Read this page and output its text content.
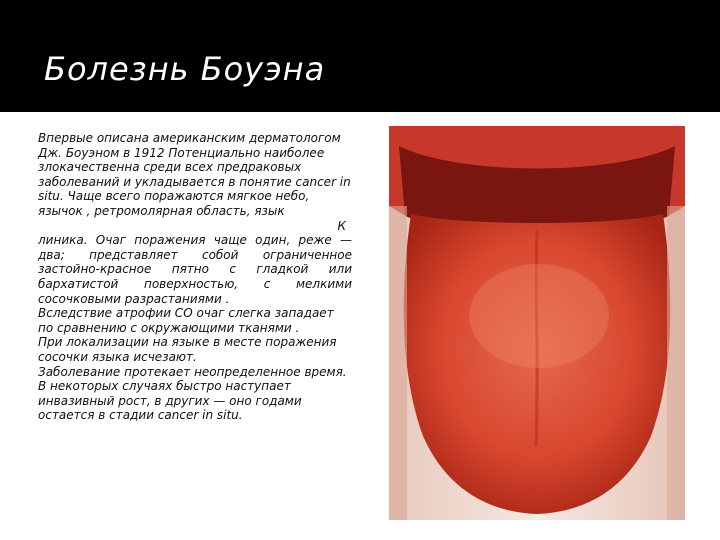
Болезнь Боуэна

Впервые описана американским дерматологом Дж. Боуэном в 1912 Потенциально наиболее злокачественна среди всех предраковых заболеваний и укладывается в понятие cancer in situ. Чаще всего поражаются мягкое небо, язычок , ретромолярная область, язык

К

линика. Очаг поражения чаще один, реже — два; представляет собой ограниченное застойно-красное пятно с гладкой или бархатистой поверхностью, с мелкими сосочковыми разрастаниями .

Вследствие атрофии СО очаг слегка западает по сравнению с окружающими тканями .

При локализации на языке в месте поражения сосочки языка исчезают.

Заболевание протекает неопределенное время. В некоторых случаях быстро наступает инвазивный рост, в других — оно годами остается в стадии cancer in situ.
